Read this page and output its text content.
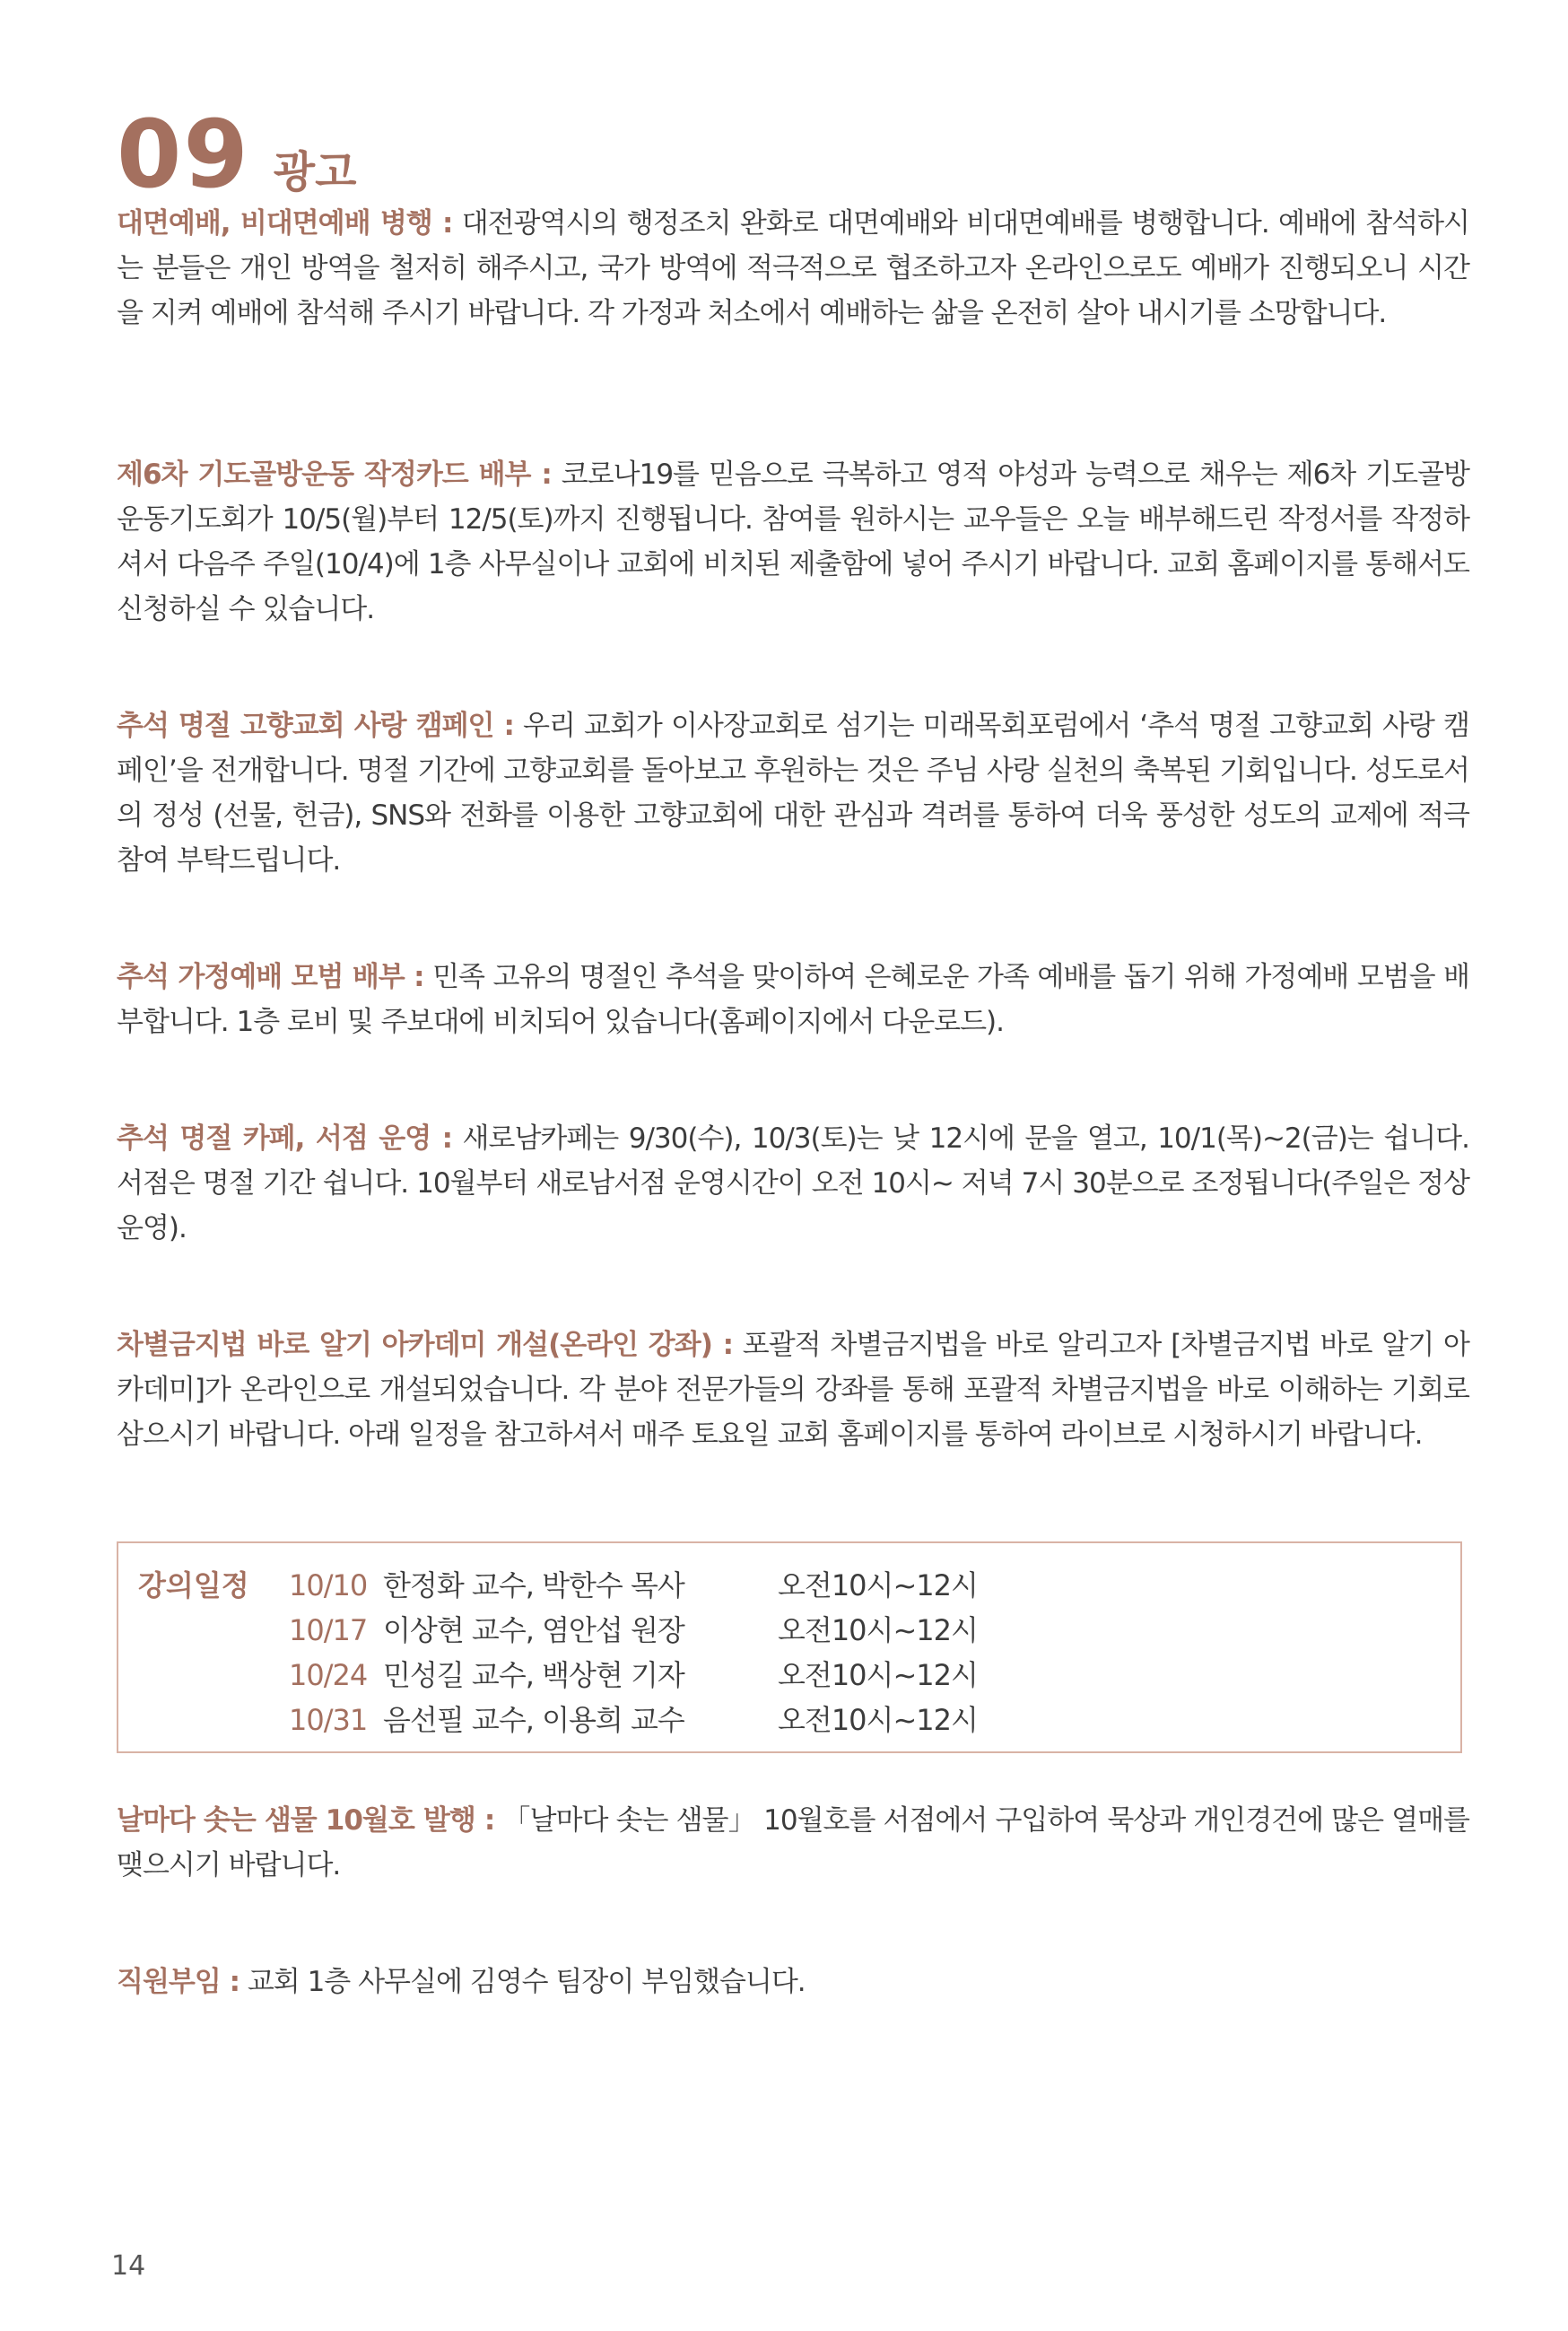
09 광고

대면예배, 비대면예배 병행 : 대전광역시의 행정조치 완화로 대면예배와 비대면예배를 병행합니다. 예배에 참석하시는 분들은 개인 방역을 철저히 해주시고, 국가 방역에 적극적으로 협조하고자 온라인으로도 예배가 진행되오니 시간을 지켜 예배에 참석해 주시기 바랍니다. 각 가정과 처소에서 예배하는 삶을 온전히 살아 내시기를 소망합니다.

제6차 기도골방운동 작정카드 배부 : 코로나19를 믿음으로 극복하고 영적 야성과 능력으로 채우는 제6차 기도골방운동기도회가 10/5(월)부터 12/5(토)까지 진행됩니다. 참여를 원하시는 교우들은 오늘 배부해드린 작정서를 작정하셔서 다음주 주일(10/4)에 1층 사무실이나 교회에 비치된 제출함에 넣어 주시기 바랍니다. 교회 홈페이지를 통해서도 신청하실 수 있습니다.

추석 명절 고향교회 사랑 캠페인 : 우리 교회가 이사장교회로 섬기는 미래목회포럼에서 ‘추석 명절 고향교회 사랑 캠페인’을 전개합니다. 명절 기간에 고향교회를 돌아보고 후원하는 것은 주님 사랑 실천의 축복된 기회입니다. 성도로서의 정성 (선물, 헌금), SNS와 전화를 이용한 고향교회에 대한 관심과 격려를 통하여 더욱 풍성한 성도의 교제에 적극 참여 부탁드립니다.

추석 가정예배 모범 배부 : 민족 고유의 명절인 추석을 맞이하여 은혜로운 가족 예배를 돕기 위해 가정예배 모범을 배부합니다. 1층 로비 및 주보대에 비치되어 있습니다(홈페이지에서 다운로드).

추석 명절 카페, 서점 운영 : 새로남카페는 9/30(수), 10/3(토)는 낮 12시에 문을 열고, 10/1(목)~2(금)는 쉽니다. 서점은 명절 기간 쉽니다. 10월부터 새로남서점 운영시간이 오전 10시~ 저녁 7시 30분으로 조정됩니다(주일은 정상운영).

차별금지법 바로 알기 아카데미 개설(온라인 강좌) : 포괄적 차별금지법을 바로 알리고자 [차별금지법 바로 알기 아카데미]가 온라인으로 개설되었습니다. 각 분야 전문가들의 강좌를 통해 포괄적 차별금지법을 바로 이해하는 기회로 삼으시기 바랍니다. 아래 일정을 참고하셔서 매주 토요일 교회 홈페이지를 통하여 라이브로 시청하시기 바랍니다.

강의일정 10/10 한정화 교수, 박한수 목사	오전10시~12시
10/17 이상현 교수, 염안섭 원장	오전10시~12시
10/24 민성길 교수, 백상현 기자	오전10시~12시
10/31 음선필 교수, 이용희 교수	오전10시~12시

날마다 솟는 샘물 10월호 발행 : 「날마다 솟는 샘물」 10월호를 서점에서 구입하여 묵상과 개인경건에 많은 열매를 맺으시기 바랍니다.

직원부임 : 교회 1층 사무실에 김영수 팀장이 부임했습니다.

14
